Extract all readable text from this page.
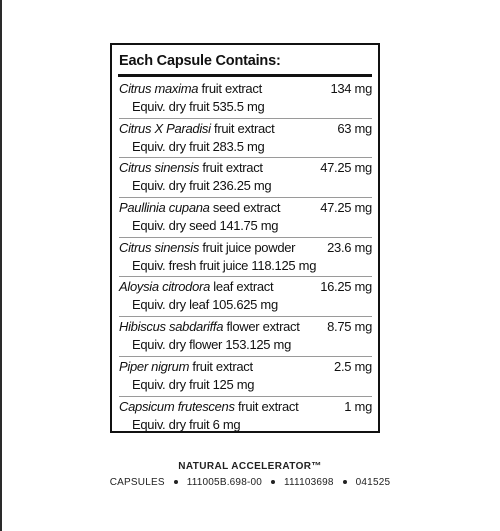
Each Capsule Contains:
Citrus maxima fruit extract	134 mg
Equiv. dry fruit 535.5 mg
Citrus X Paradisi fruit extract	63 mg
Equiv. dry fruit 283.5 mg
Citrus sinensis fruit extract	47.25 mg
Equiv. dry fruit 236.25 mg
Paullinia cupana seed extract	47.25 mg
Equiv. dry seed 141.75 mg
Citrus sinensis fruit juice powder 23.6 mg
Equiv. fresh fruit juice 118.125 mg
Aloysia citrodora leaf extract	16.25 mg
Equiv. dry leaf 105.625 mg
Hibiscus sabdariffa flower extract 8.75 mg
Equiv. dry flower 153.125 mg
Piper nigrum fruit extract	2.5 mg
Equiv. dry fruit 125 mg
Capsicum frutescens fruit extract	1 mg
Equiv. dry fruit 6 mg
NATURAL ACCELERATOR™
CAPSULES 111005B.698-00 111103698 041525
